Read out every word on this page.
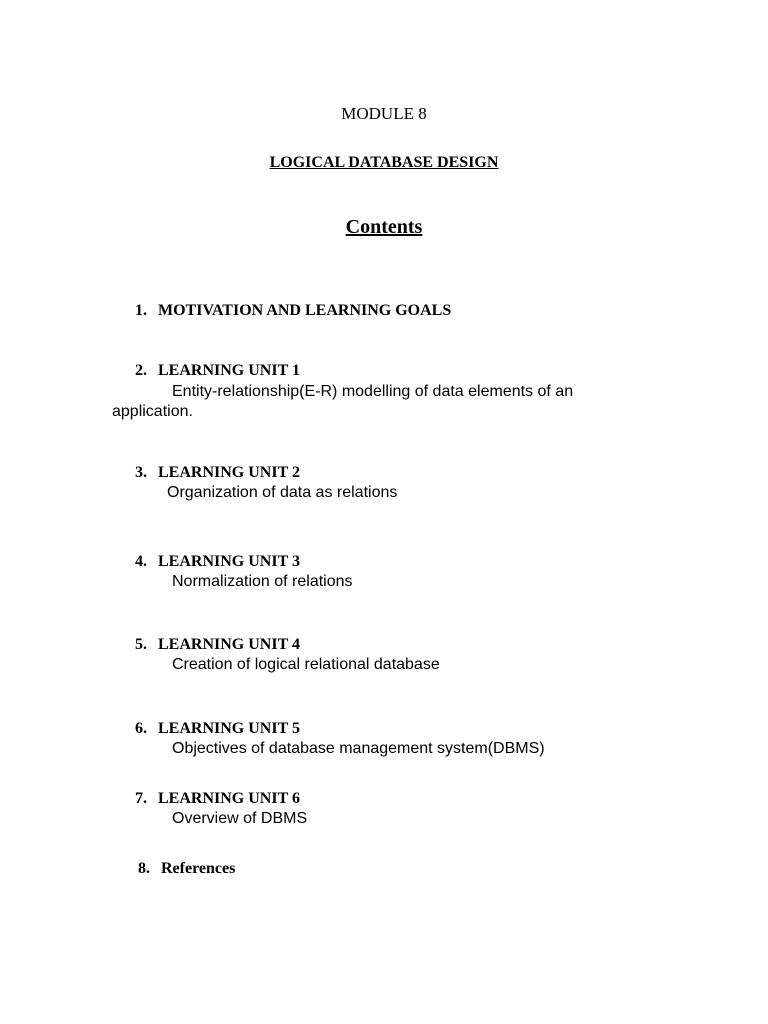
MODULE 8
LOGICAL DATABASE DESIGN
Contents
1. MOTIVATION AND LEARNING GOALS
2. LEARNING UNIT 1
Entity-relationship(E-R) modelling of data elements of an application.
3. LEARNING UNIT 2
Organization of data as relations
4. LEARNING UNIT 3
Normalization of relations
5. LEARNING UNIT 4
Creation of logical relational database
6. LEARNING UNIT 5
Objectives of database management system(DBMS)
7. LEARNING UNIT 6
Overview of DBMS
8. References
